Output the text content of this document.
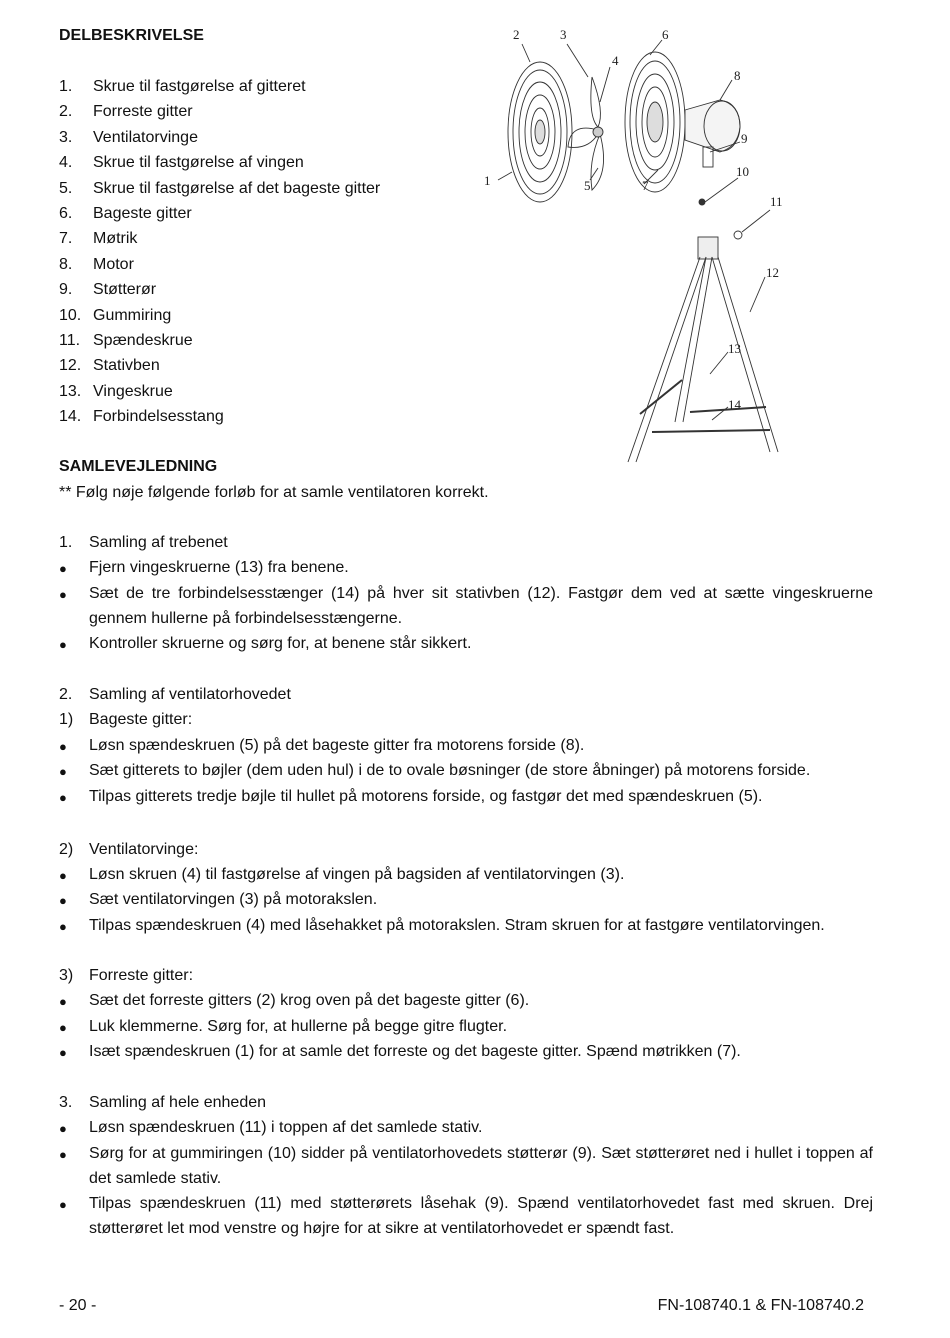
DELBESKRIVELSE
1. Skrue til fastgørelse af gitteret
2. Forreste gitter
3. Ventilatorvinge
4. Skrue til fastgørelse af vingen
5. Skrue til fastgørelse af det bageste gitter
6. Bageste gitter
7. Møtrik
8. Motor
9. Støtterør
10. Gummiring
11. Spændeskrue
12. Stativben
13. Vingeskrue
14. Forbindelsesstang
1
2	3
4
5
6
7
8
9
10
11
12
13
14
SAMLEVEJLEDNING
** Følg nøje følgende forløb for at samle ventilatoren korrekt.
1. Samling af trebenet
● Fjern vingeskruerne (13) fra benene.
● Sæt de tre forbindelsesstænger (14) på hver sit stativben (12). Fastgør dem ved at sætte vingeskruerne gennem hullerne på forbindelsesstængerne.
● Kontroller skruerne og sørg for, at benene står sikkert.
2. Samling af ventilatorhovedet
1) Bageste gitter:
● Løsn spændeskruen (5) på det bageste gitter fra motorens forside (8).
● Sæt gitterets to bøjler (dem uden hul) i de to ovale bøsninger (de store åbninger) på motorens forside.
● Tilpas gitterets tredje bøjle til hullet på motorens forside, og fastgør det med spændeskruen (5).
2) Ventilatorvinge:
● Løsn skruen (4) til fastgørelse af vingen på bagsiden af ventilatorvingen (3).
● Sæt ventilatorvingen (3) på motorakslen.
● Tilpas spændeskruen (4) med låsehakket på motorakslen. Stram skruen for at fastgøre ventilatorvingen.
3) Forreste gitter:
● Sæt det forreste gitters (2) krog oven på det bageste gitter (6).
● Luk klemmerne. Sørg for, at hullerne på begge gitre flugter.
● Isæt spændeskruen (1) for at samle det forreste og det bageste gitter. Spænd møtrikken (7).
3. Samling af hele enheden
● Løsn spændeskruen (11) i toppen af det samlede stativ.
● Sørg for at gummiringen (10) sidder på ventilatorhovedets støtterør (9). Sæt støtterøret ned i hullet i toppen af det samlede stativ.
● Tilpas spændeskruen (11) med støtterørets låsehak (9). Spænd ventilatorhovedet fast med skruen. Drej støtterøret let mod venstre og højre for at sikre at ventilatorhovedet er spændt fast.
- 20 -	FN-108740.1 & FN-108740.2
